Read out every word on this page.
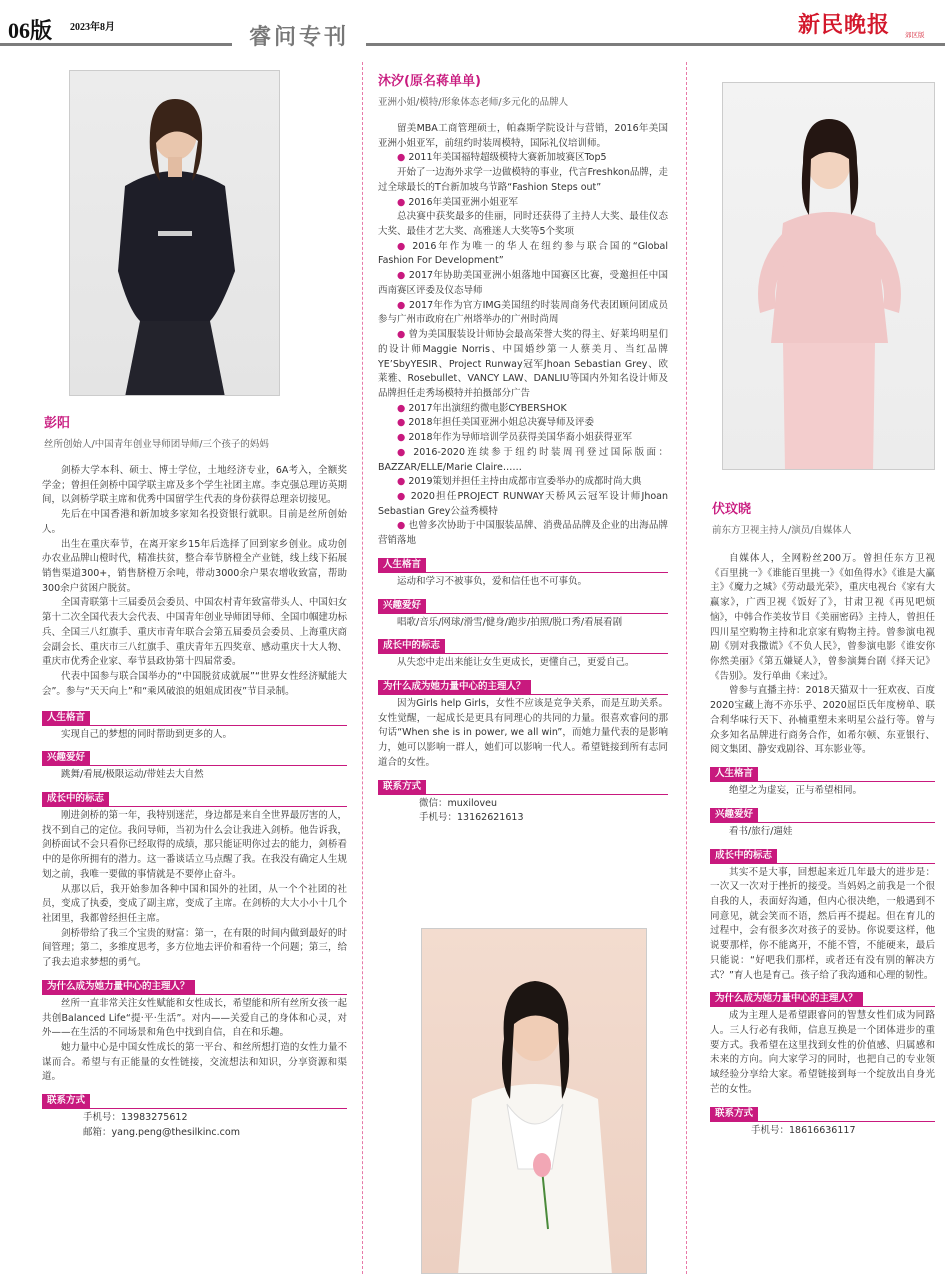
06版 2023年8月	睿问专刊	新民晚报 郊区版
彭阳
丝所创始人/中国青年创业导师团导师/三个孩子的妈妈

剑桥大学本科、硕士、博士学位，土地经济专业，6A考入，全额奖学金；曾担任剑桥中国学联主席及多个学生社团主席。李克强总理访英期间，以剑桥学联主席和优秀中国留学生代表的身份获得总理亲切接见。

先后在中国香港和新加坡多家知名投资银行就职。目前是丝所创始人。

出生在重庆奉节，在离开家乡15年后选择了回到家乡创业。成功创办农业品牌山橙时代，精准扶贫，整合奉节脐橙全产业链，线上线下拓展销售渠道300+，销售脐橙万余吨，带动3000余户果农增收致富，帮助300余户贫困户脱贫。

全国青联第十三届委员会委员、中国农村青年致富带头人、中国妇女第十二次全国代表大会代表、中国青年创业导师团导师、全国巾帼建功标兵、全国三八红旗手、重庆市青年联合会第五届委员会委员、上海重庆商会副会长、重庆市三八红旗手、重庆青年五四奖章、感动重庆十大人物、重庆市优秀企业家、奉节县政协第十四届常委。

代表中国参与联合国举办的“中国脱贫成就展”“世界女性经济赋能大会”。参与“天天向上”和“乘风破浪的姐姐成团夜”节目录制。

人生格言

实现自己的梦想的同时帮助到更多的人。

兴趣爱好

跳舞/看展/极限运动/带娃去大自然

成长中的标志

刚进剑桥的第一年，我特别迷茫，身边都是来自全世界最厉害的人，找不到自己的定位。我问导师，当初为什么会让我进入剑桥。他告诉我，剑桥面试不会只看你已经取得的成绩，那只能证明你过去的能力，剑桥看中的是你所拥有的潜力。这一番谈话立马点醒了我。在我没有确定人生规划之前，我唯一要做的事情就是不要停止奋斗。

从那以后，我开始参加各种中国和国外的社团，从一个个社团的社员，变成了执委，变成了副主席，变成了主席。在剑桥的大大小小十几个社团里，我都曾经担任主席。

剑桥带给了我三个宝贵的财富：第一，在有限的时间内做到最好的时间管理；第二，多维度思考，多方位地去评价和看待一个问题；第三，给了我去追求梦想的勇气。

为什么成为她力量中心的主理人？

丝所一直非常关注女性赋能和女性成长，希望能和所有丝所女孩一起共创Balanced Life“提·平·生活”。对内——关爱自己的身体和心灵，对外——在生活的不同场景和角色中找到自信，自在和乐趣。

她力量中心是中国女性成长的第一平台、和丝所想打造的女性力量不谋而合。希望与有正能量的女性链接，交流想法和知识，分享资源和渠道。

联系方式

手机号：13983275612

邮箱：yang.peng@thesilkinc.com

沐汐(原名蒋单单)
亚洲小姐/模特/形象体态老师/多元化的品牌人

留美MBA工商管理硕士，帕森斯学院设计与营销，2016年美国亚洲小姐亚军，前纽约时装周模特，国际礼仪培训师。

● 2011年美国福特超级模特大赛新加坡赛区Top5

开始了一边海外求学一边做模特的事业，代言Freshkon品牌，走过全球最长的T台新加坡乌节路“Fashion Steps out”

● 2016年美国亚洲小姐亚军

总决赛中获奖最多的佳丽，同时还获得了主持人大奖、最佳仪态大奖、最佳才艺大奖、高雅迷人大奖等5个奖项

● 2016年作为唯一的华人在纽约参与联合国的“Global Fashion For Development”

● 2017年协助美国亚洲小姐落地中国赛区比赛，受邀担任中国西南赛区评委及仪态导师

● 2017年作为官方IMG美国纽约时装周商务代表团顾问团成员参与广州市政府在广州塔举办的广州时尚周

● 曾为美国服装设计师协会最高荣誉大奖的得主、好莱坞明星们的设计师Maggie Norris、中国婚纱第一人蔡美月、当红品牌YE’SbyYESIR、Project Runway冠军Jhoan Sebastian Grey、欧莱雅、Rosebullet、VANCY LAW、DANLIU等国内外知名设计师及品牌担任走秀场模特并拍摄部分广告

● 2017年出演纽约微电影CYBERSHOK

● 2018年担任美国亚洲小姐总决赛导师及评委

● 2018年作为导师培训学员获得美国华裔小姐获得亚军

● 2016-2020连续参于纽约时装周刊登过国际版面：BAZZAR/ELLE/Marie Claire……

● 2019策划并担任主持由成都市宣委举办的成都时尚大典

● 2020担任PROJECT RUNWAY天桥风云冠军设计师Jhoan Sebastian Grey公益秀模特

● 也曾多次协助于中国服装品牌、消费品品牌及企业的出海品牌营销落地

人生格言

运动和学习不被事负，爱和信任也不可事负。

兴趣爱好

唱歌/音乐/网球/滑雪/健身/跑步/拍照/脱口秀/看展看剧

成长中的标志

从失恋中走出来能让女生更成长，更懂自己，更爱自己。

为什么成为她力量中心的主理人？

因为Girls help Girls，女性不应该是竞争关系，而是互助关系。女性觉醒，一起成长是更具有同理心的共同的力量。很喜欢睿问的那句话“When she is in power, we all win”，而她力量代表的是影响力，她可以影响一群人，她们可以影响一代人。希望链接到所有志同道合的女性。

联系方式

微信：muxiloveu

手机号：13162621613

伏玟晓
前东方卫视主持人/演员/自媒体人

自媒体人，全网粉丝200万。曾担任东方卫视《百里挑一》《谁能百里挑一》《如鱼得水》《谁是大赢主》《魔力之城》《劳动最光荣》，重庆电视台《家有大赢家》，广西卫视《饭好了》，甘肃卫视《再见吧烦恼》，中韩合作美妆节目《美丽密码》主持人，曾担任四川星空购物主持和北京家有购物主持。曾参演电视剧《别对我撒谎》《不负人民》，曾参演电影《谁安你你然美丽》《第五嫌疑人》，曾参演舞台剧《择天记》《告别》。发行单曲《来过》。

曾参与直播主持：2018天猫双十一狂欢夜、百度2020宝藏上海不亦乐乎、2020屈臣氏年度榜单、联合利华味行天下、孙楠重塑未来明星公益行等。曾与众多知名品牌进行商务合作，如希尔顿、东亚银行、阅文集团、静安戏剧谷、耳东影业等。

人生格言

绝望之为虚妄，正与希望相同。

兴趣爱好

看书/旅行/遛娃

成长中的标志

其实不是大事，回想起来近几年最大的进步是：一次又一次对于挫折的接受。当妈妈之前我是一个很自我的人，表面好沟通，但内心很决绝，一般遇到不同意见，就会笑而不语，然后再不提起。但在育儿的过程中，会有很多次对孩子的妥协。你说要这样，他说要那样，你不能离开，不能不管，不能硬来，最后只能说：“好吧我们那样，或者还有没有别的解决方式？”育人也是育己。孩子给了我沟通和心理的韧性。

为什么成为她力量中心的主理人？

成为主理人是希望跟睿问的智慧女性们成为同路人。三人行必有我师，信息互换是一个团体进步的重要方式。我希望在这里找到女性的价值感、归属感和未来的方向。向大家学习的同时，也把自己的专业领域经验分享给大家。希望链接到每一个绽放出自身光芒的女性。

联系方式

手机号：18616636117
